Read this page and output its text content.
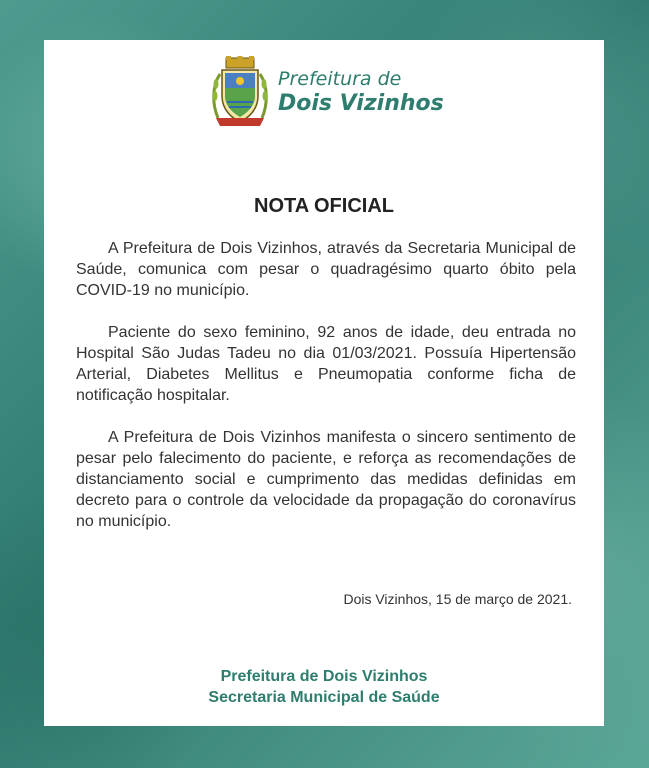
Prefeitura de
Dois Vizinhos
NOTA OFICIAL

A Prefeitura de Dois Vizinhos, através da Secretaria Municipal de Saúde, comunica com pesar o quadragésimo quarto óbito pela COVID-19 no município.

Paciente do sexo feminino, 92 anos de idade, deu entrada no Hospital São Judas Tadeu no dia 01/03/2021. Possuía Hipertensão Arterial, Diabetes Mellitus e Pneumopatia conforme ficha de notificação hospitalar.

A Prefeitura de Dois Vizinhos manifesta o sincero sentimento de pesar pelo falecimento do paciente, e reforça as recomendações de distanciamento social e cumprimento das medidas definidas em decreto para o controle da velocidade da propagação do coronavírus no município.

Dois Vizinhos, 15 de março de 2021.
Prefeitura de Dois Vizinhos
Secretaria Municipal de Saúde
